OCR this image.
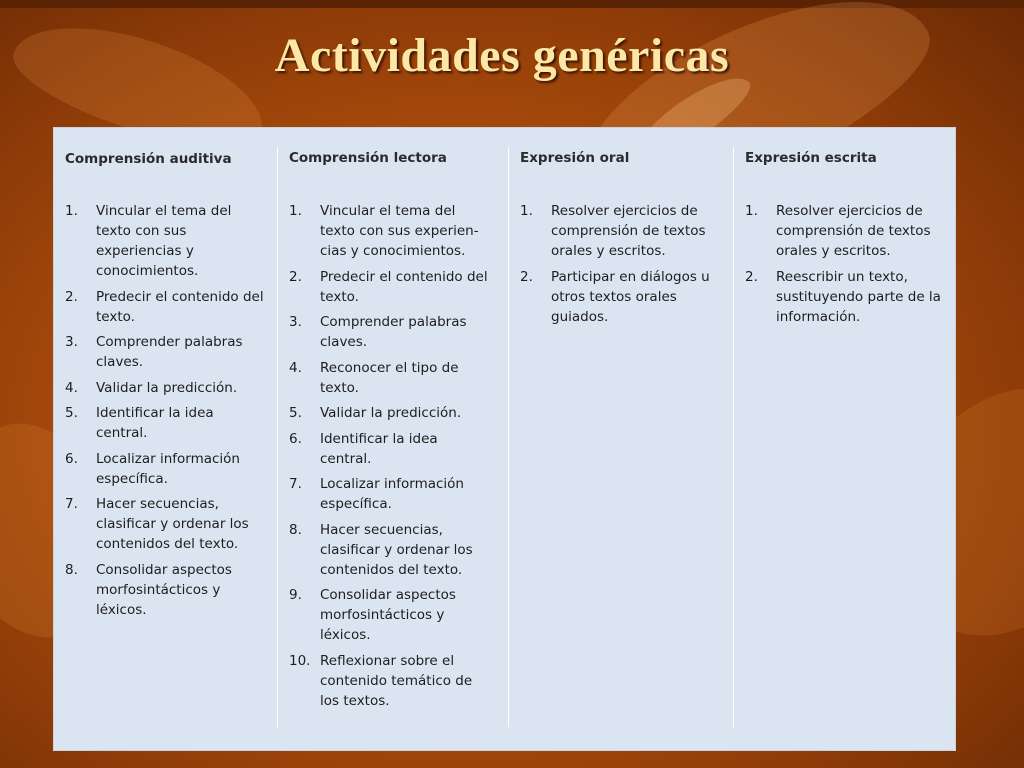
Actividades genéricas
Comprensión auditiva
1. Vincular el tema del texto con sus experiencias y conocimientos.
2. Predecir el contenido del texto.
3. Comprender palabras claves.
4. Validar la predicción.
5. Identificar la idea central.
6. Localizar información específica.
7. Hacer secuencias, clasificar y ordenar los contenidos del texto.
8. Consolidar aspectos morfosintácticos y léxicos.
Comprensión lectora
1. Vincular el tema del texto con sus experien-cias y conocimientos.
2. Predecir el contenido del texto.
3. Comprender palabras claves.
4. Reconocer el tipo de texto.
5. Validar la predicción.
6. Identificar la idea central.
7. Localizar información específica.
8. Hacer secuencias, clasificar y ordenar los contenidos del texto.
9. Consolidar aspectos morfosintácticos y léxicos.
10. Reflexionar sobre el contenido temático de los textos.
Expresión oral
1. Resolver ejercicios de comprensión de textos orales y escritos.
2. Participar en diálogos u otros textos orales guiados.
Expresión escrita
1. Resolver ejercicios de comprensión de textos orales y escritos.
2. Reescribir un texto, sustituyendo parte de la información.
